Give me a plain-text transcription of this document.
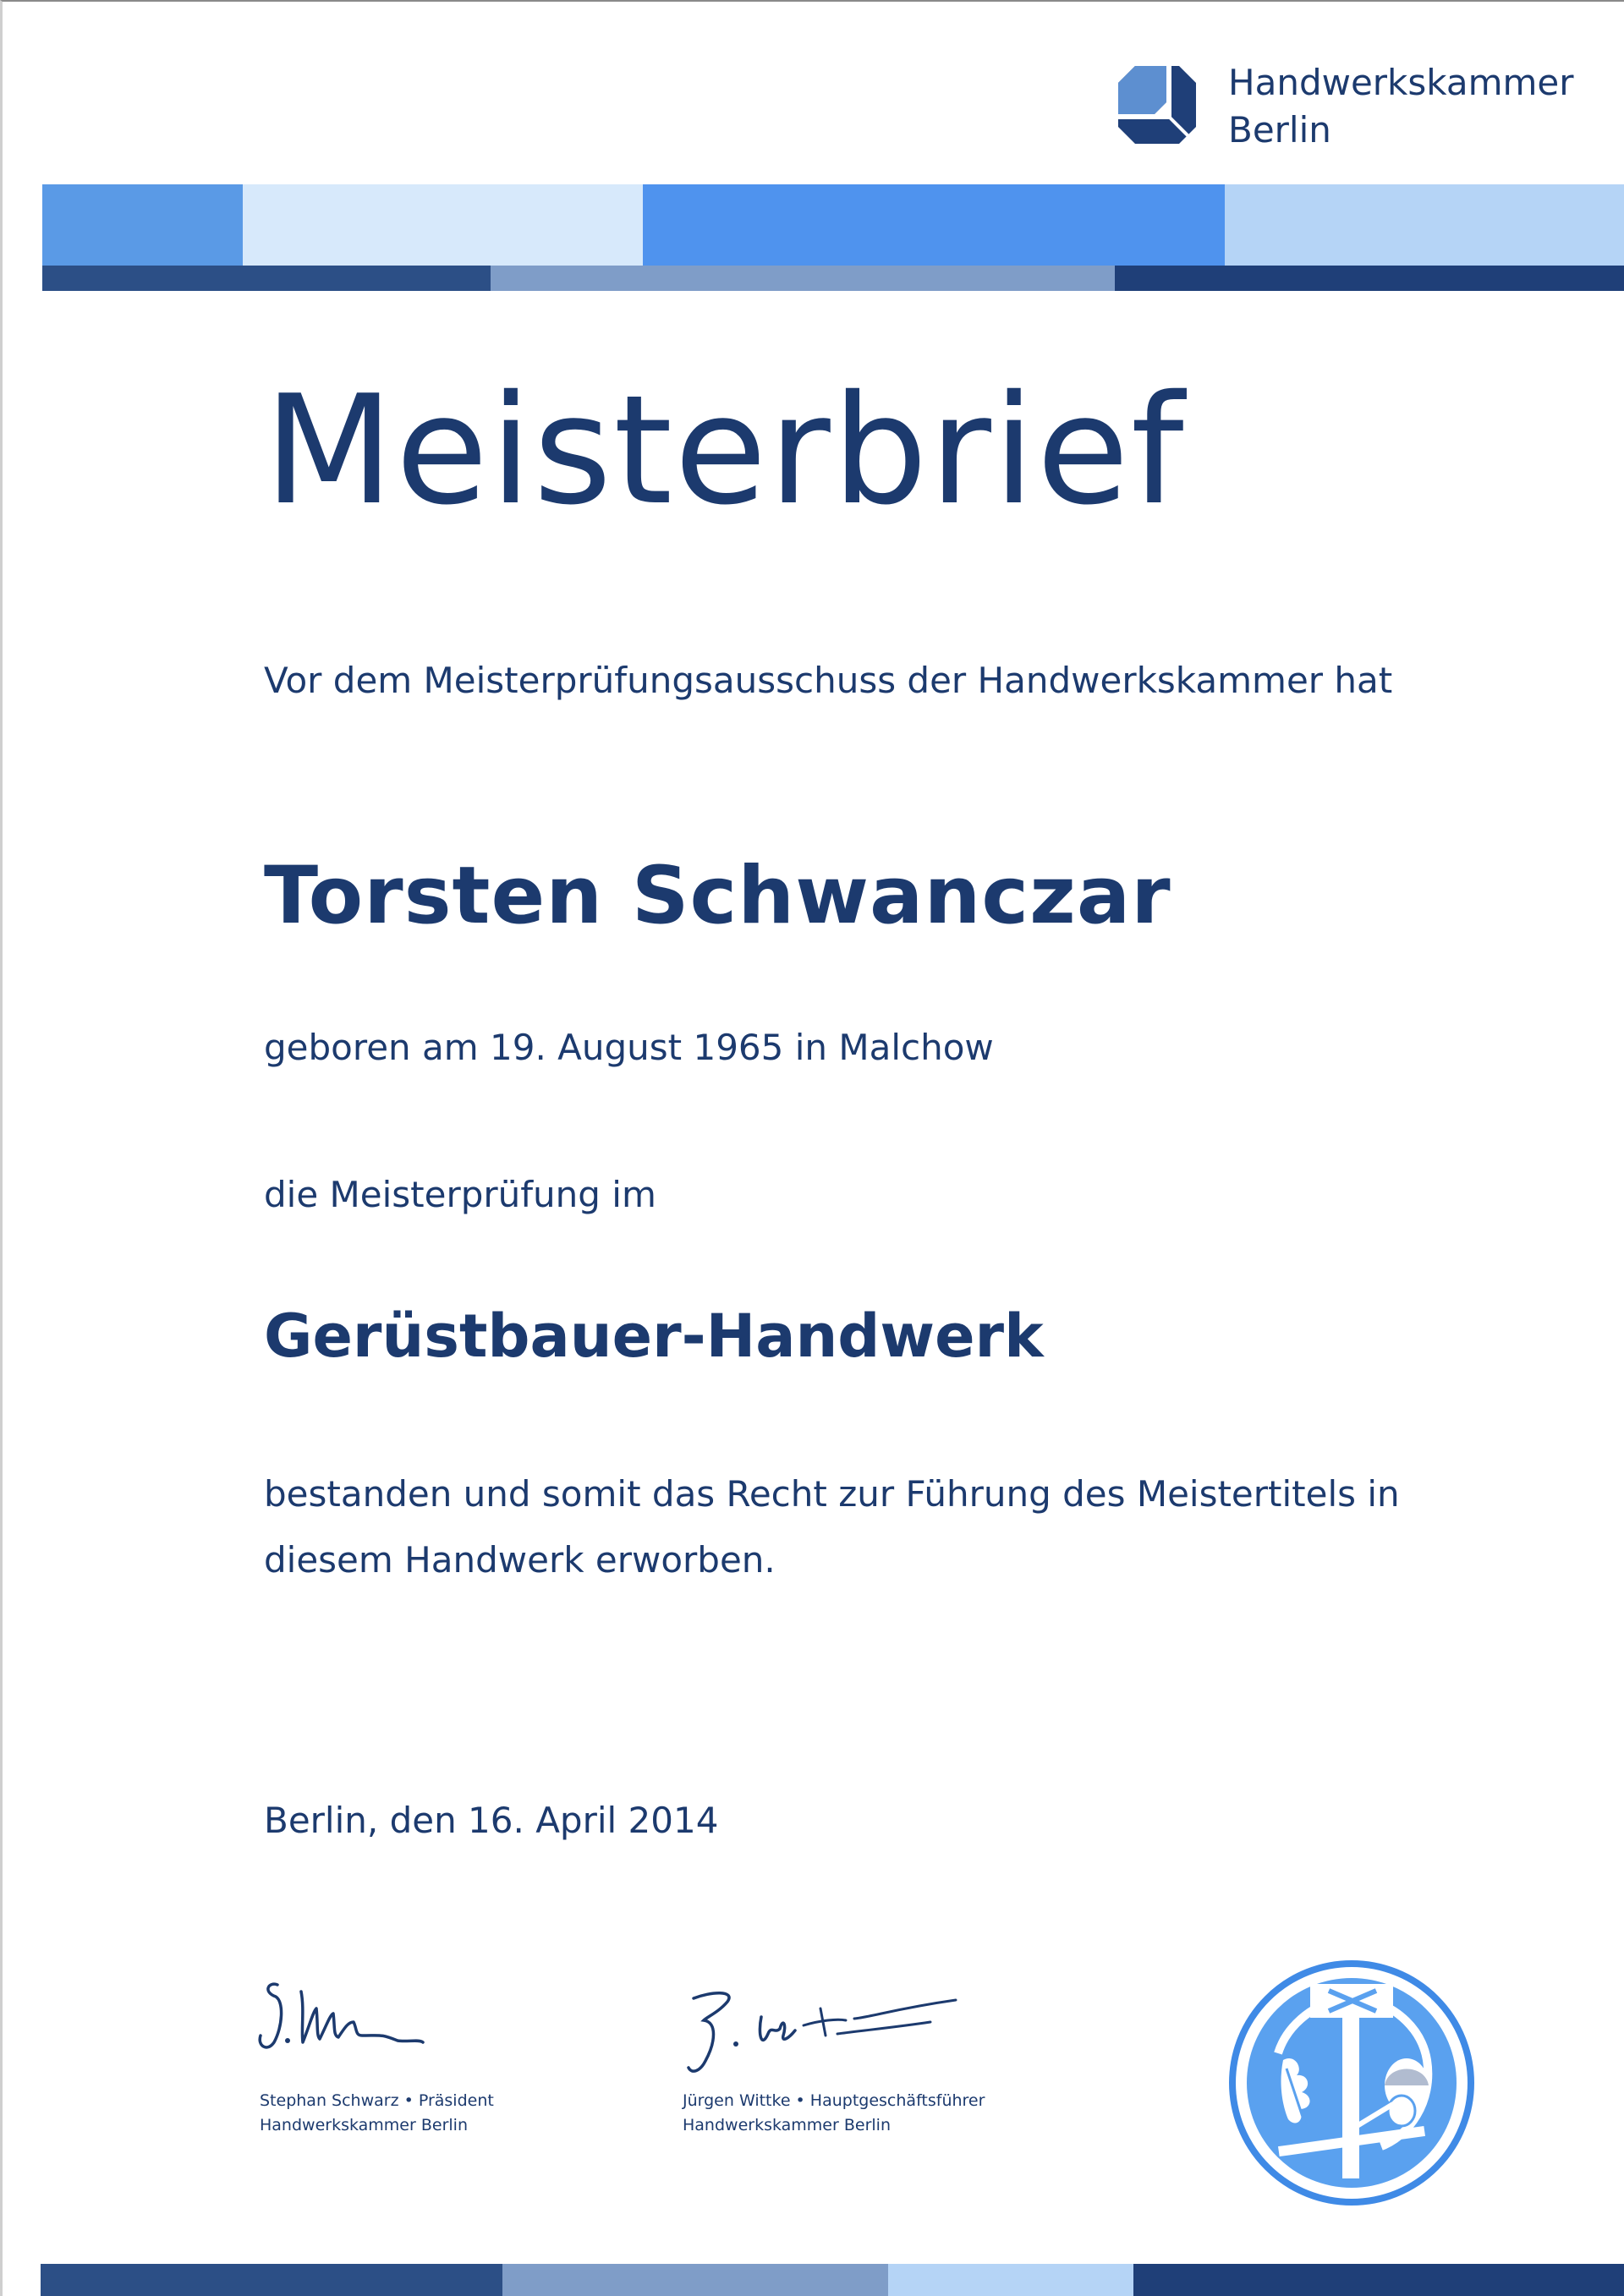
Handwerkskammer
Berlin
Meisterbrief
Vor dem Meisterprüfungsausschuss der Handwerkskammer hat
Torsten Schwanczar
geboren am 19. August 1965 in Malchow
die Meisterprüfung im
Gerüstbauer-Handwerk
bestanden und somit das Recht zur Führung des Meistertitels in
diesem Handwerk erworben.
Berlin, den 16. April 2014
Stephan Schwarz • Präsident
Handwerkskammer Berlin
Jürgen Wittke • Hauptgeschäftsführer
Handwerkskammer Berlin
